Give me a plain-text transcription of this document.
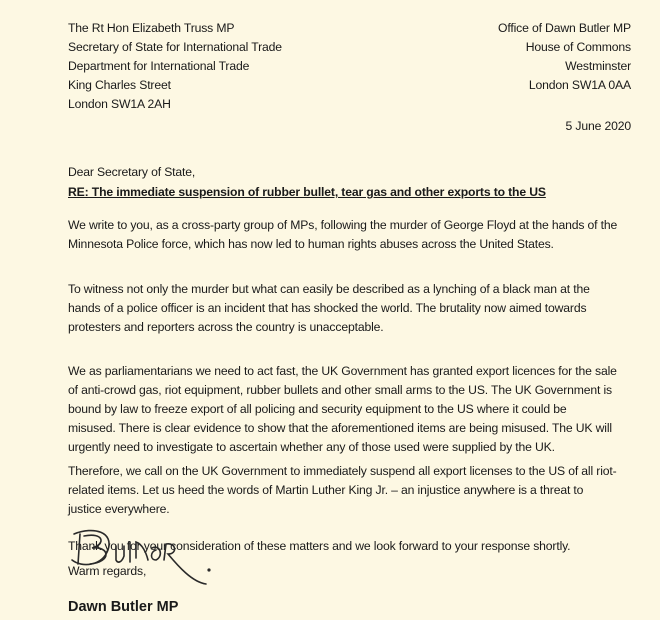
The Rt Hon Elizabeth Truss MP
Secretary of State for International Trade
Department for International Trade
King Charles Street
London SW1A 2AH
Office of Dawn Butler MP
House of Commons
Westminster
London SW1A 0AA
5 June 2020
Dear Secretary of State,
RE: The immediate suspension of rubber bullet, tear gas and other exports to the US
We write to you, as a cross-party group of MPs, following the murder of George Floyd at the hands of the
Minnesota Police force, which has now led to human rights abuses across the United States.
To witness not only the murder but what can easily be described as a lynching of a black man at the
hands of a police officer is an incident that has shocked the world. The brutality now aimed towards
protesters and reporters across the country is unacceptable.
We as parliamentarians we need to act fast, the UK Government has granted export licences for the sale
of anti-crowd gas, riot equipment, rubber bullets and other small arms to the US. The UK Government is
bound by law to freeze export of all policing and security equipment to the US where it could be
misused. There is clear evidence to show that the aforementioned items are being misused. The UK will
urgently need to investigate to ascertain whether any of those used were supplied by the UK.
Therefore, we call on the UK Government to immediately suspend all export licenses to the US of all riot-
related items. Let us heed the words of Martin Luther King Jr. – an injustice anywhere is a threat to
justice everywhere.
Thank you for your consideration of these matters and we look forward to your response shortly.
Warm regards,
Dawn Butler MP
